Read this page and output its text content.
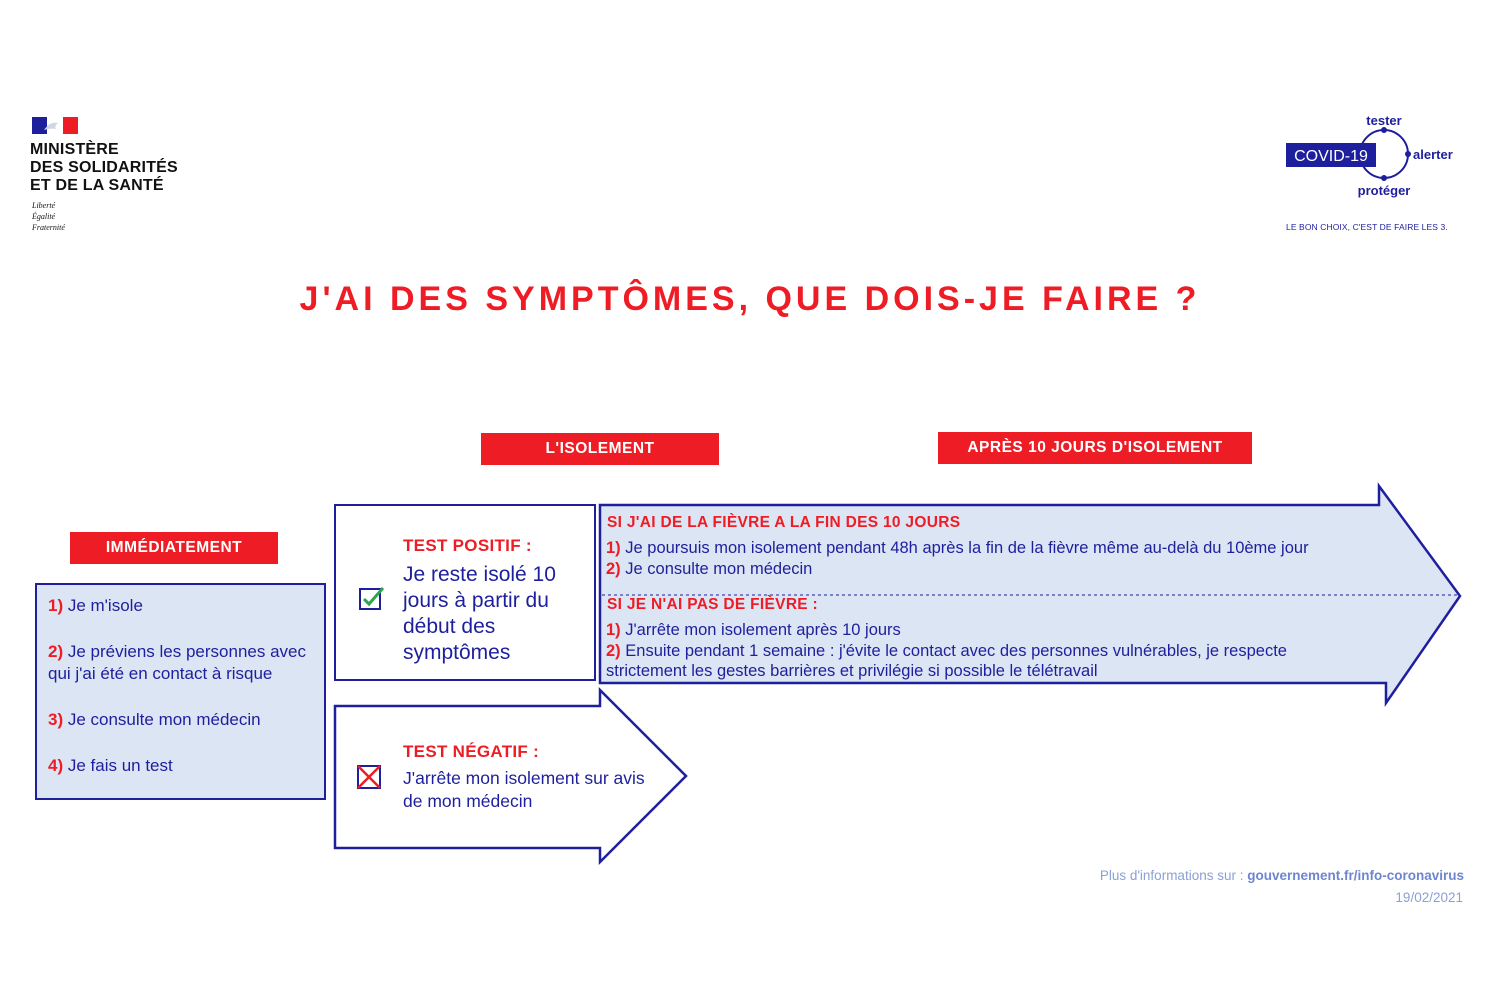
MINISTÈRE
DES SOLIDARITÉS
ET DE LA SANTÉ
Liberté
Égalité
Fraternité
COVID-19
tester
alerter
protéger
LE BON CHOIX, C'EST DE FAIRE LES 3.
J'AI DES SYMPTÔMES, QUE DOIS-JE FAIRE ?
L'ISOLEMENT	APRÈS 10 JOURS D'ISOLEMENT
IMMÉDIATEMENT
1) Je m'isole
2) Je préviens les personnes avec qui j'ai été en contact à risque
3) Je consulte mon médecin
4) Je fais un test
TEST POSITIF :
Je reste isolé 10 jours à partir du début des symptômes
TEST NÉGATIF :
J'arrête mon isolement sur avis de mon médecin
SI J'AI DE LA FIÈVRE A LA FIN DES 10 JOURS
1) Je poursuis mon isolement pendant 48h après la fin de la fièvre même au-delà du 10ème jour
2) Je consulte mon médecin
SI JE N'AI PAS DE FIÈVRE :
1) J'arrête mon isolement après 10 jours
2) Ensuite pendant 1 semaine : j'évite le contact avec des personnes vulnérables, je respecte
strictement les gestes barrières et privilégie si possible le télétravail
Plus d'informations sur : gouvernement.fr/info-coronavirus
19/02/2021
